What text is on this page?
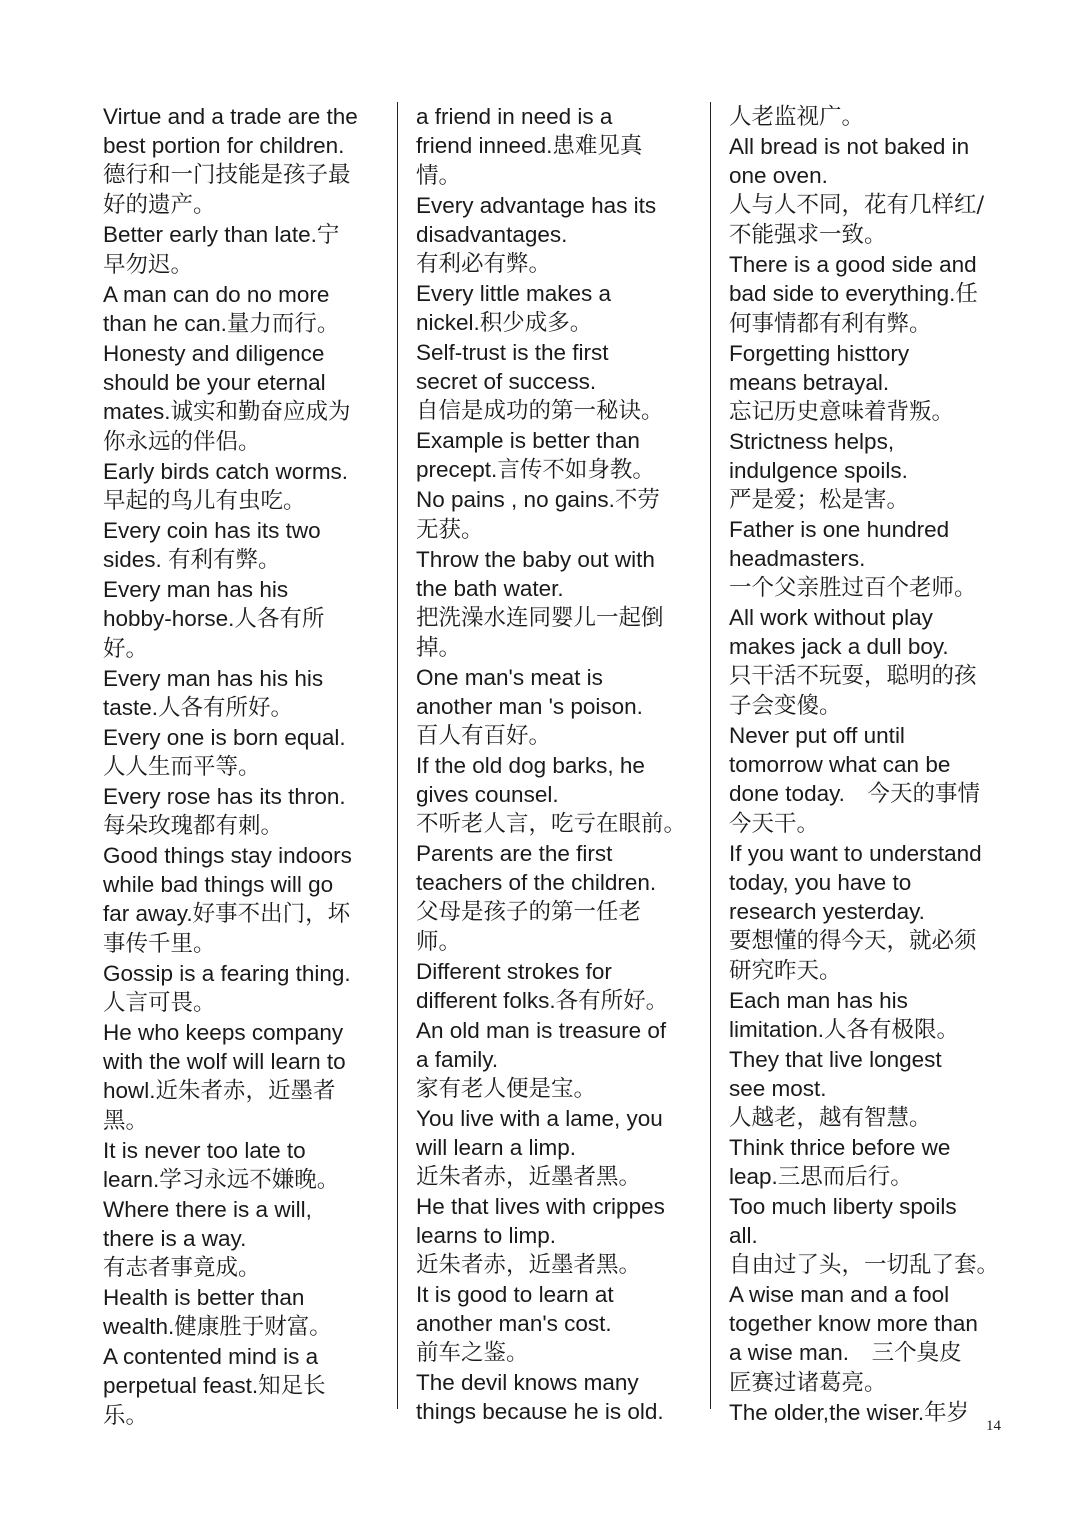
Virtue and a trade are the
best portion for children.
德行和一门技能是孩子最
好的遗产。
Better early than late.宁
早勿迟。
A man can do no more
than he can.量力而行。
Honesty and diligence
should be your eternal
mates.诚实和勤奋应成为
你永远的伴侣。
Early birds catch worms.
早起的鸟儿有虫吃。
Every coin has its two
sides. 有利有弊。
Every man has his
hobby-horse.人各有所
好。
Every man has his his
taste.人各有所好。
Every one is born equal.
人人生而平等。
Every rose has its thron.
每朵玫瑰都有刺。
Good things stay indoors
while bad things will go
far away.好事不出门，坏
事传千里。
Gossip is a fearing thing.
人言可畏。
He who keeps company
with the wolf will learn to
howl.近朱者赤，近墨者
黑。
It is never too late to
learn.学习永远不嫌晚。
Where there is a will,
there is a way.
有志者事竟成。
Health is better than
wealth.健康胜于财富。
A contented mind is a
perpetual feast.知足长
乐。
a friend in need is a
friend inneed.患难见真
情。
Every advantage has its
disadvantages.
有利必有弊。
Every little makes a
nickel.积少成多。
Self-trust is the first
secret of success.
自信是成功的第一秘诀。
Example is better than
precept.言传不如身教。
No pains , no gains.不劳
无获。
Throw the baby out with
the bath water.
把洗澡水连同婴儿一起倒
掉。
One man's meat is
another man 's poison.
百人有百好。
If the old dog barks, he
gives counsel.
不听老人言，吃亏在眼前。
Parents are the first
teachers of the children.
父母是孩子的第一任老
师。
Different strokes for
different folks.各有所好。
An old man is treasure of
a family.
家有老人便是宝。
You live with a lame, you
will learn a limp.
近朱者赤，近墨者黑。
He that lives with crippes
learns to limp.
近朱者赤，近墨者黑。
It is good to learn at
another man's cost.
前车之鉴。
The devil knows many
things because he is old.
人老监视广。
All bread is not baked in
one oven.
人与人不同，花有几样红/
不能强求一致。
There is a good side and
bad side to everything.任
何事情都有利有弊。
Forgetting histtory
means betrayal.
忘记历史意味着背叛。
Strictness helps,
indulgence spoils.
严是爱；松是害。
Father is one hundred
headmasters.
一个父亲胜过百个老师。
All work without play
makes jack a dull boy.
只干活不玩耍，聪明的孩
子会变傻。
Never put off until
tomorrow what can be
done today.　今天的事情
今天干。
If you want to understand
today, you have to
research yesterday.
要想懂的得今天，就必须
研究昨天。
Each man has his
limitation.人各有极限。
They that live longest
see most.
人越老，越有智慧。
Think thrice before we
leap.三思而后行。
Too much liberty spoils
all.
自由过了头，一切乱了套。
A wise man and a fool
together know more than
a wise man.　三个臭皮
匠赛过诸葛亮。
The older,the wiser.年岁	14
